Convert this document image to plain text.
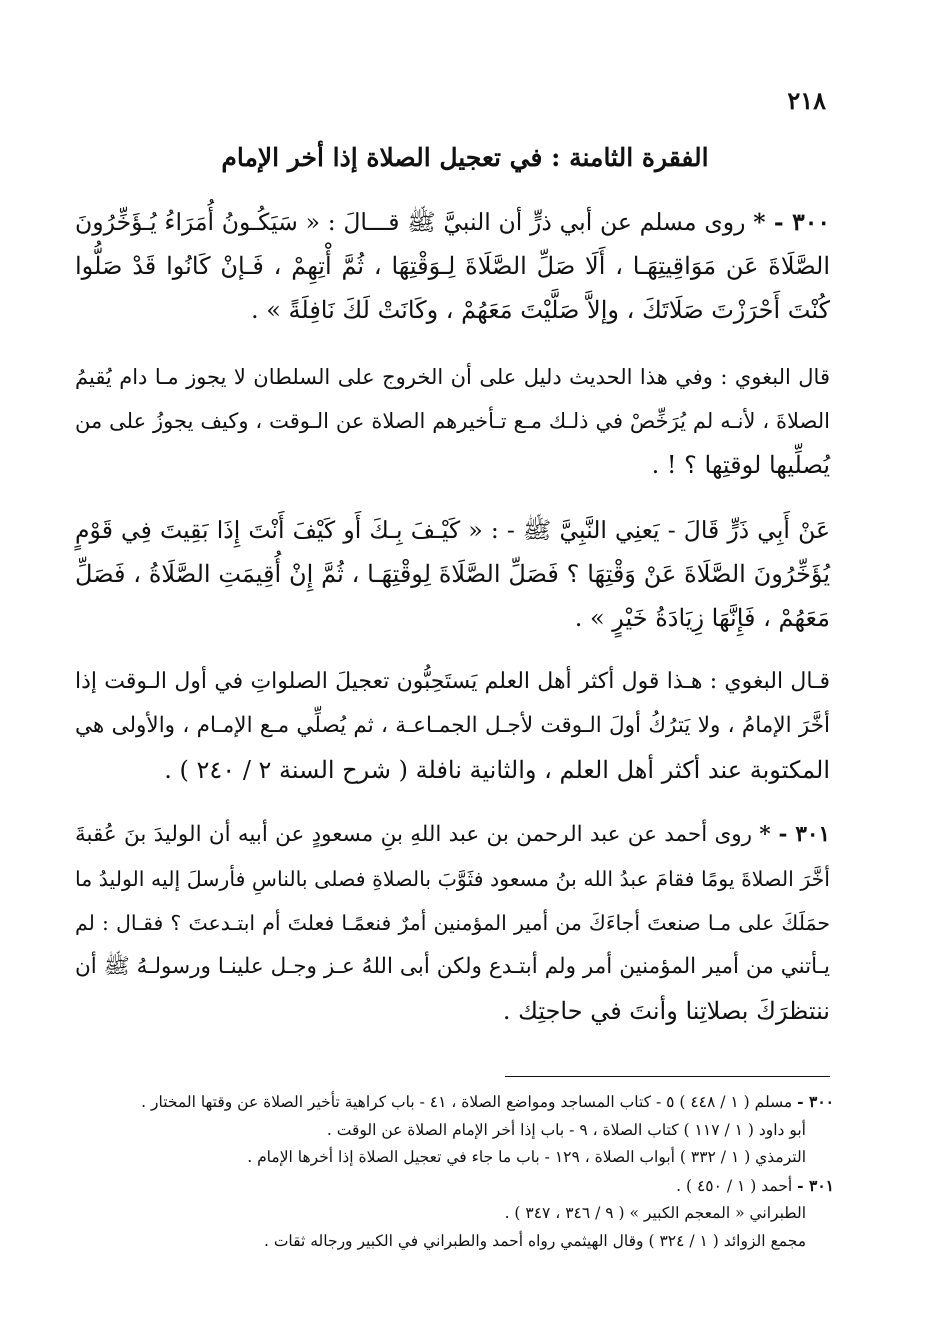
٢١٨
الفقرة الثامنة : في تعجيل الصلاة إذا أخر الإمام
٣٠٠ - * روى مسلم عن أبي ذرٍّ أن النبيَّ ﷺ قـــالَ : « سَيَكُـونُ أُمَرَاءُ يُـؤَخِّرُونَ
الصَّلَاةَ عَن مَوَاقِيتِهَـا ، أَلَا صَلِّ الصَّلَاةَ لِـوَقْتِهَا ، ثُمَّ أْتِهِمْ ، فَـإنْ كَانُوا قَدْ صَلُّوا
كُنْتَ أَحْرَزْتَ صَلَاتَكَ ، وإلاَّ صَلَّيْتَ مَعَهُمْ ، وكَانَتْ لَكَ نَافِلَةً » .
قال البغوي : وفي هذا الحديث دليل على أن الخروج على السلطان لا يجوز مـا دام يُقيمُ
الصلاةَ ، لأنـه لم يُرَخِّصْ في ذلـك مـع تـأخيرهم الصلاة عن الـوقت ، وكيف يجوزُ على من
يُصلِّيها لوقتِها ؟ ! .
عَنْ أَبِي ذَرٍّ قَالَ - يَعنِي النَّبِيَّ ﷺ - : « كَيْـفَ بِـكَ أَو كَيْفَ أَنْتَ إِذَا بَقِيتَ فِي قَوْمٍ
يُؤَخِّرُونَ الصَّلَاةَ عَنْ وَقْتِهَا ؟ فَصَلِّ الصَّلَاةَ لِوقْتِهَـا ، ثُمَّ إِنْ أُقِيمَتِ الصَّلَاةُ ، فَصَلِّ
مَعَهُمْ ، فَإِنَّهَا زِيَادَةُ خَيْرٍ » .
قـال البغوي : هـذا قول أكثر أهل العلم يَستَحِبُّون تعجيلَ الصلواتِ في أول الـوقت إذا
أخَّرَ الإمامُ ، ولا يَترُكُ أولَ الـوقت لأجـل الجمـاعـة ، ثم يُصلِّي مـع الإمـام ، والأولى هي
المكتوبة عند أكثر أهل العلم ، والثانية نافلة ( شرح السنة ٢ / ٢٤٠ ) .
٣٠١ - * روى أحمد عن عبد الرحمن بن عبد اللهِ بنِ مسعودٍ عن أبيه أن الوليدَ بنَ عُقبةَ
أخَّرَ الصلاةَ يومًا فقامَ عبدُ الله بنُ مسعود فثَوَّبَ بالصلاةِ فصلى بالناسِ فأرسلَ إليه الوليدُ ما
حمَلَكَ على مـا صنعتَ أجاءَكَ من أمير المؤمنين أمرٌ فنعمًـا فعلتَ أم ابتـدعتَ ؟ فقـال : لم
يـأتني من أمير المؤمنين أمر ولم أبتـدع ولكن أبى اللهُ عـز وجـل علينـا ورسولـهُ ﷺ أن
ننتظرَكَ بصلاتِنا وأنتَ في حاجتِك .
٣٠٠ - مسلم ( ١ / ٤٤٨ ) ٥ - كتاب المساجد ومواضع الصلاة ، ٤١ - باب كراهية تأخير الصلاة عن وقتها المختار .
أبو داود ( ١ / ١١٧ ) كتاب الصلاة ، ٩ - باب إذا أخر الإمام الصلاة عن الوقت .
الترمذي ( ١ / ٣٣٢ ) أبواب الصلاة ، ١٢٩ - باب ما جاء في تعجيل الصلاة إذا أخرها الإمام .
٣٠١ - أحمد ( ١ / ٤٥٠ ) .
الطبراني « المعجم الكبير » ( ٩ / ٣٤٦ ، ٣٤٧ ) .
مجمع الزوائد ( ١ / ٣٢٤ ) وقال الهيثمي رواه أحمد والطبراني في الكبير ورجاله ثقات .
